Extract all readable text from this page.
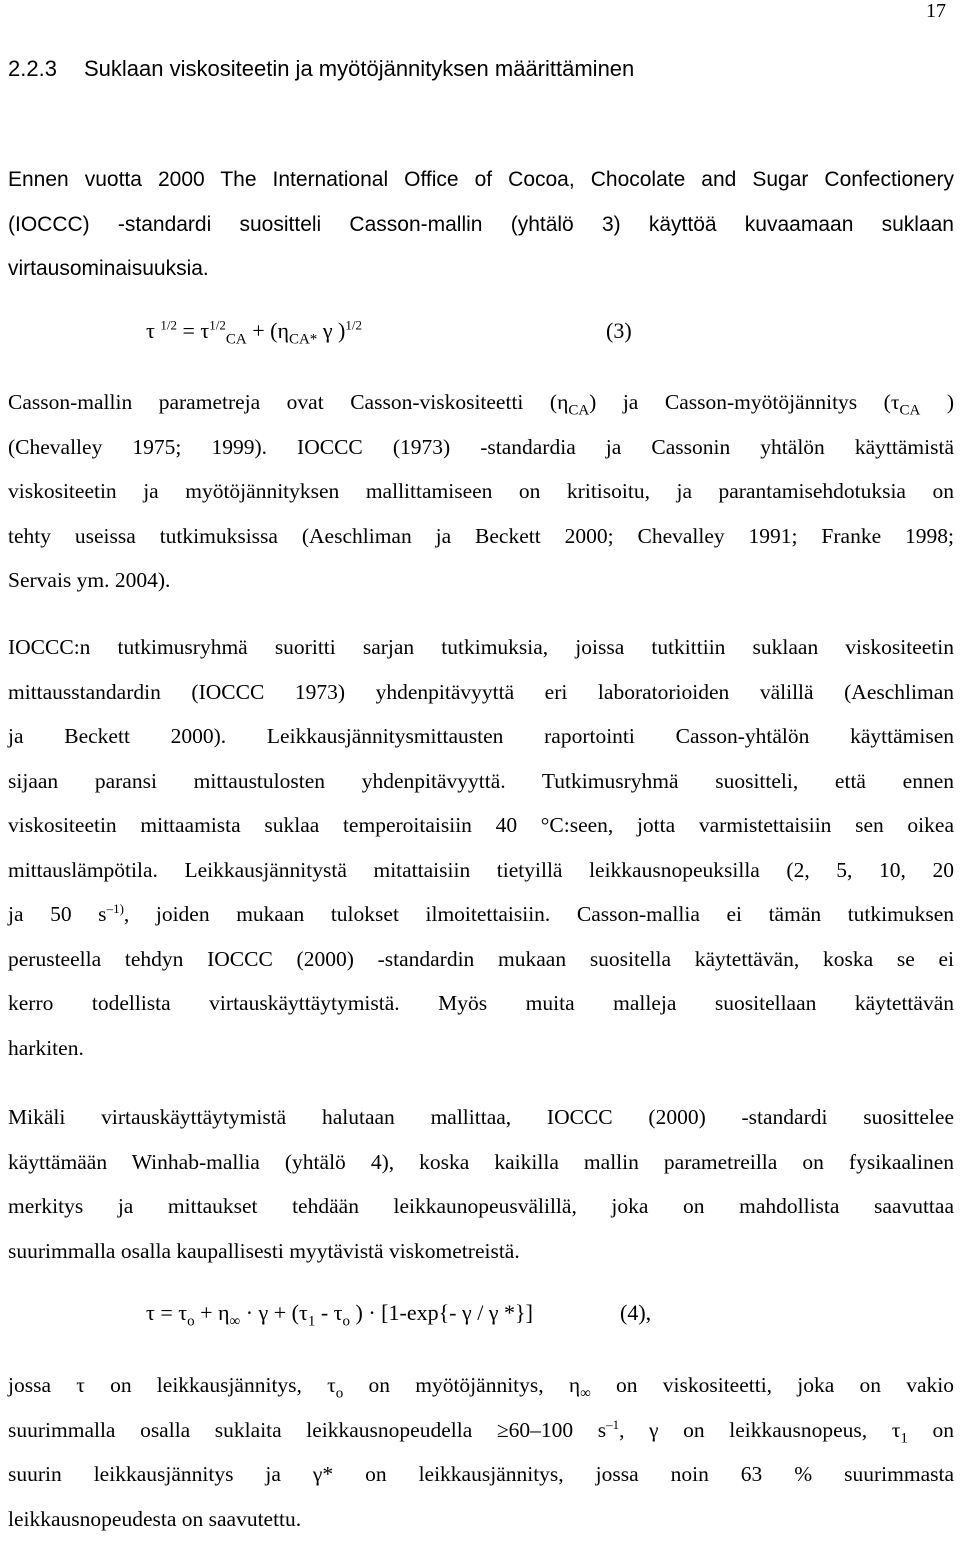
17
2.2.3 Suklaan viskositeetin ja myötöjännityksen määrittäminen
Ennen vuotta 2000 The International Office of Cocoa, Chocolate and Sugar Confectionery
(IOCCC) -standardi suositteli Casson-mallin (yhtälö 3) käyttöä kuvaamaan suklaan
virtausominaisuuksia.
τ $^{1/2} = \tau^{1/2}_{CA} + (\eta_{CA*}$ γ )$^{1/2}$	(3)
Casson-mallin parametreja ovat Casson-viskositeetti $(\eta_{CA})$ ja Casson-myötöjännitys ($\tau_{CA}$ )
(Chevalley 1975; 1999). IOCCC (1973) -standardia ja Cassonin yhtälön käyttämistä
viskositeetin ja myötöjännityksen mallittamiseen on kritisoitu, ja parantamisehdotuksia on
tehty useissa tutkimuksissa (Aeschliman ja Beckett 2000; Chevalley 1991; Franke 1998;
Servais ym. 2004).
IOCCC:n tutkimusryhmä suoritti sarjan tutkimuksia, joissa tutkittiin suklaan viskositeetin
mittausstandardin (IOCCC 1973) yhdenpitävyyttä eri laboratorioiden välillä (Aeschliman
ja Beckett 2000). Leikkausjännitysmittausten raportointi Casson-yhtälön käyttämisen
sijaan paransi mittaustulosten yhdenpitävyyttä. Tutkimusryhmä suositteli, että ennen
viskositeetin mittaamista suklaa temperoitaisiin 40 °C:seen, jotta varmistettaisiin sen oikea
mittauslämpötila. Leikkausjännitystä mitattaisiin tietyillä leikkausnopeuksilla (2, 5, 10, 20
ja 50 $s^{-1)}$, joiden mukaan tulokset ilmoitettaisiin. Casson-mallia ei tämän tutkimuksen
perusteella tehdyn IOCCC (2000) -standardin mukaan suositella käytettävän, koska se ei
kerro todellista virtauskäyttäytymistä. Myös muita malleja suositellaan käytettävän
harkiten.
Mikäli virtauskäyttäytymistä halutaan mallittaa, IOCCC (2000) -standardi suosittelee
käyttämään Winhab-mallia (yhtälö 4), koska kaikilla mallin parametreilla on fysikaalinen
merkitys ja mittaukset tehdään leikkaunopeusvälillä, joka on mahdollista saavuttaa
suurimmalla osalla kaupallisesti myytävistä viskometreistä.
$\tau = \tau_o + \eta_\infty \cdot \gamma + (\tau_1 - \tau_o$ ) · [1-exp{- γ / γ *}]	(4),
jossa τ on leikkausjännitys, $\tau_o$ on myötöjännitys, $\eta_\infty$ on viskositeetti, joka on vakio
suurimmalla osalla suklaita leikkausnopeudella ≥60–100 $s^{-1}$, γ on leikkausnopeus, $\tau_1$ on
suurin leikkausjännitys ja γ* on leikkausjännitys, jossa noin 63 % suurimmasta
leikkausnopeudesta on saavutettu.
